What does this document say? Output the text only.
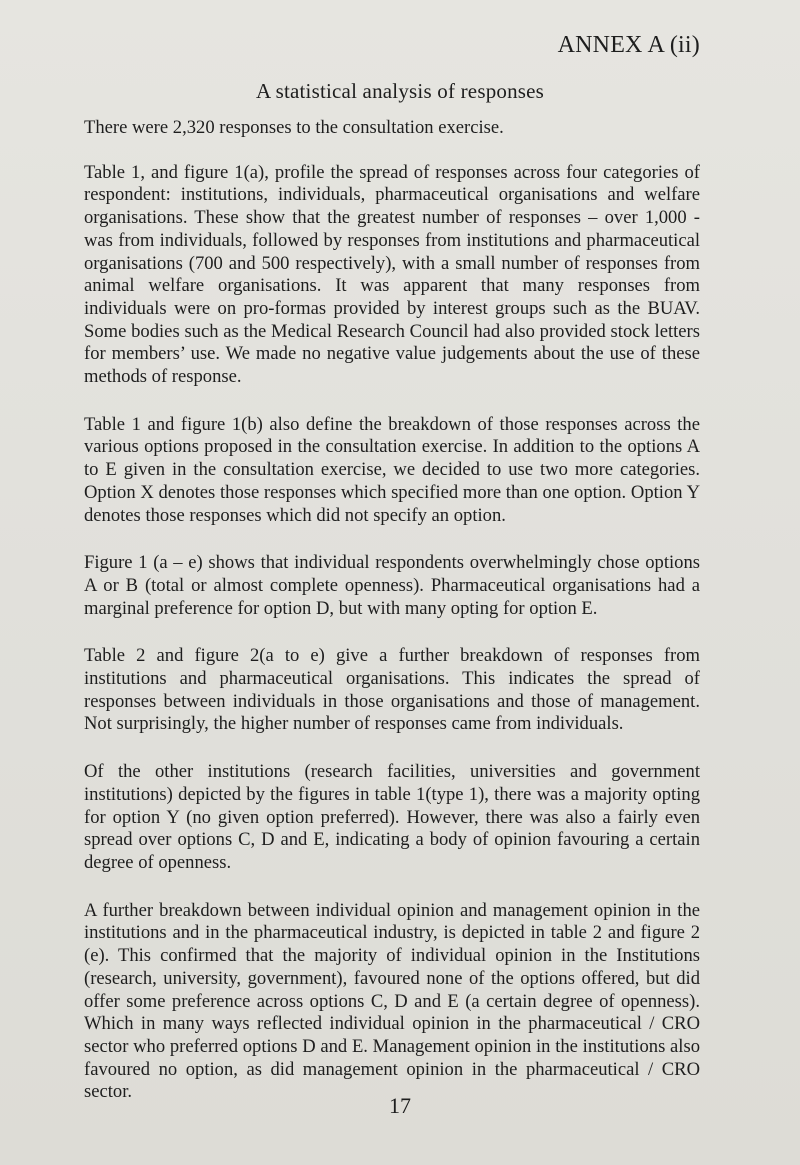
ANNEX A (ii)
A statistical analysis of responses

There were 2,320 responses to the consultation exercise.

Table 1, and figure 1(a), profile the spread of responses across four categories of respondent: institutions, individuals, pharmaceutical organisations and welfare organisations. These show that the greatest number of responses – over 1,000 - was from individuals, followed by responses from institutions and pharmaceutical organisations (700 and 500 respectively), with a small number of responses from animal welfare organisations. It was apparent that many responses from individuals were on pro-formas provided by interest groups such as the BUAV. Some bodies such as the Medical Research Council had also provided stock letters for members’ use. We made no negative value judgements about the use of these methods of response.

Table 1 and figure 1(b) also define the breakdown of those responses across the various options proposed in the consultation exercise. In addition to the options A to E given in the consultation exercise, we decided to use two more categories. Option X denotes those responses which specified more than one option. Option Y denotes those responses which did not specify an option.

Figure 1 (a – e) shows that individual respondents overwhelmingly chose options A or B (total or almost complete openness). Pharmaceutical organisations had a marginal preference for option D, but with many opting for option E.

Table 2 and figure 2(a to e) give a further breakdown of responses from institutions and pharmaceutical organisations. This indicates the spread of responses between individuals in those organisations and those of management. Not surprisingly, the higher number of responses came from individuals.

Of the other institutions (research facilities, universities and government institutions) depicted by the figures in table 1(type 1), there was a majority opting for option Y (no given option preferred). However, there was also a fairly even spread over options C, D and E, indicating a body of opinion favouring a certain degree of openness.

A further breakdown between individual opinion and management opinion in the institutions and in the pharmaceutical industry, is depicted in table 2 and figure 2 (e). This confirmed that the majority of individual opinion in the Institutions (research, university, government), favoured none of the options offered, but did offer some preference across options C, D and E (a certain degree of openness). Which in many ways reflected individual opinion in the pharmaceutical / CRO sector who preferred options D and E. Management opinion in the institutions also favoured no option, as did management opinion in the pharmaceutical / CRO sector.

17
